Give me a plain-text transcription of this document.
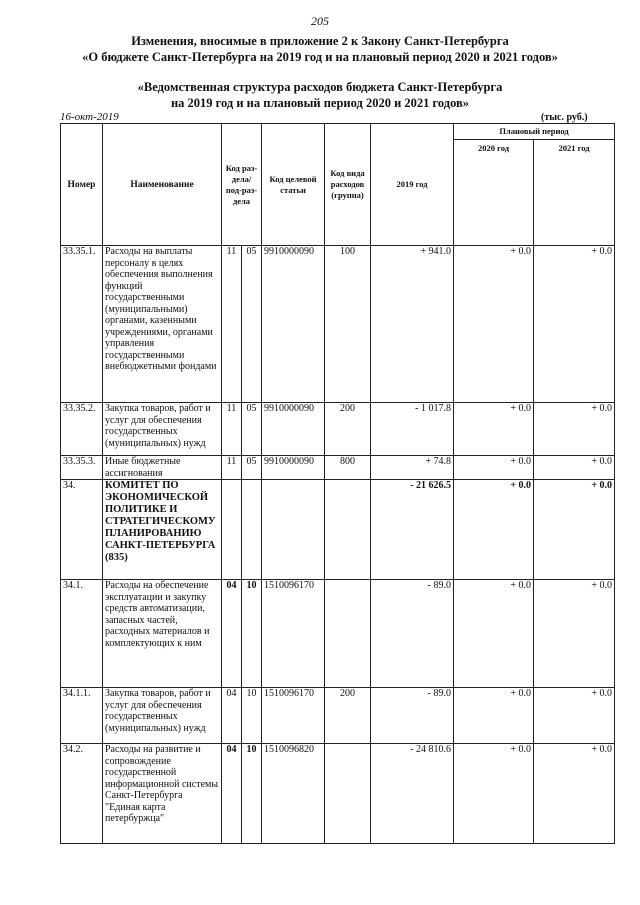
205
Изменения, вносимые в приложение 2 к Закону Санкт-Петербурга
«О бюджете Санкт-Петербурга на 2019 год и на плановый период 2020 и 2021 годов»
«Ведомственная структура расходов бюджета Санкт-Петербурга
на 2019 год и на плановый период 2020 и 2021 годов»
16-окт-2019	(тыс. руб.)
Номер	Наименование	Код раз-дела/ под-раз-дела		Код целевой статьи	Код вида расходов (группа)	2019 год	Плановый период	
							2020 год	2021 год
33.35.1.	Расходы на выплаты персоналу в целях обеспечения выполнения функций государственными (муниципальными) органами, казенными учреждениями, органами управления государственными внебюджетными фондами	11	05	9910000090	100	+ 941.0	+ 0.0	+ 0.0
33.35.2.	Закупка товаров, работ и услуг для обеспечения государственных (муниципальных) нужд	11	05	9910000090	200	- 1 017.8	+ 0.0	+ 0.0
33.35.3.	Иные бюджетные ассигнования	11	05	9910000090	800	+ 74.8	+ 0.0	+ 0.0
34.	КОМИТЕТ ПО ЭКОНОМИЧЕСКОЙ ПОЛИТИКЕ И СТРАТЕГИЧЕСКОМУ ПЛАНИРОВАНИЮ САНКТ-ПЕТЕРБУРГА (835)					- 21 626.5	+ 0.0	+ 0.0
34.1.	Расходы на обеспечение эксплуатации и закупку средств автоматизации, запасных частей, расходных материалов и комплектующих к ним	04	10	1510096170		- 89.0	+ 0.0	+ 0.0
34.1.1.	Закупка товаров, работ и услуг для обеспечения государственных (муниципальных) нужд	04	10	1510096170	200	- 89.0	+ 0.0	+ 0.0
34.2.	Расходы на развитие и сопровождение государственной информационной системы Санкт-Петербурга "Единая карта петербуржца"	04	10	1510096820		- 24 810.6	+ 0.0	+ 0.0
